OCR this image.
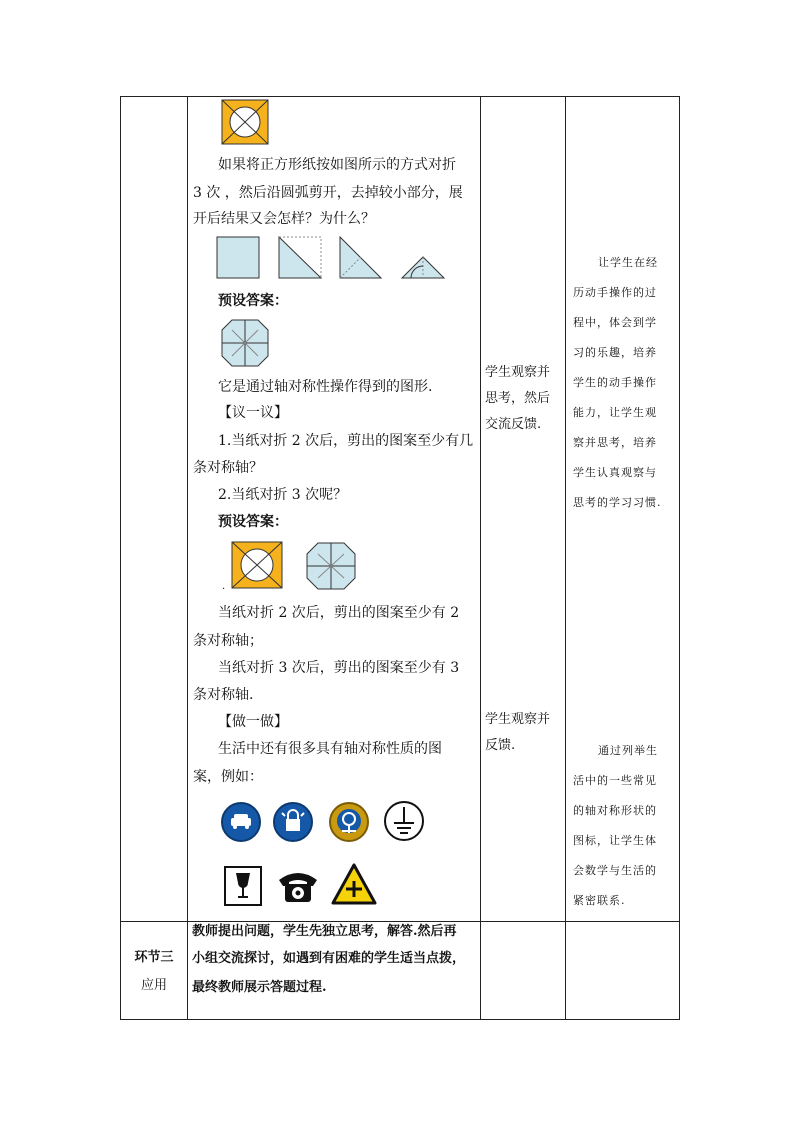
如果将正方形纸按如图所示的方式对折
3 次 ，然后沿圆弧剪开，去掉较小部分，展
开后结果又会怎样？为什么？
预设答案：
它是通过轴对称性操作得到的图形.
【议一议】
1.当纸对折 2 次后，剪出的图案至少有几
条对称轴？
2.当纸对折 3 次呢？
预设答案：
.
当纸对折 2 次后，剪出的图案至少有 2
条对称轴；
当纸对折 3 次后，剪出的图案至少有 3
条对称轴.
【做一做】
生活中还有很多具有轴对称性质的图
案，例如：
学生观察并
思考，然后
交流反馈.
学生观察并
反馈.
让学生在经
历动手操作的过
程中，体会到学
习的乐趣，培养
学生的动手操作
能力，让学生观
察并思考，培养
学生认真观察与
思考的学习习惯.
通过列举生
活中的一些常见
的轴对称形状的
图标，让学生体
会数学与生活的
紧密联系.
环节三
应用
教师提出问题，学生先独立思考，解答.然后再
小组交流探讨，如遇到有困难的学生适当点拨，
最终教师展示答题过程.
